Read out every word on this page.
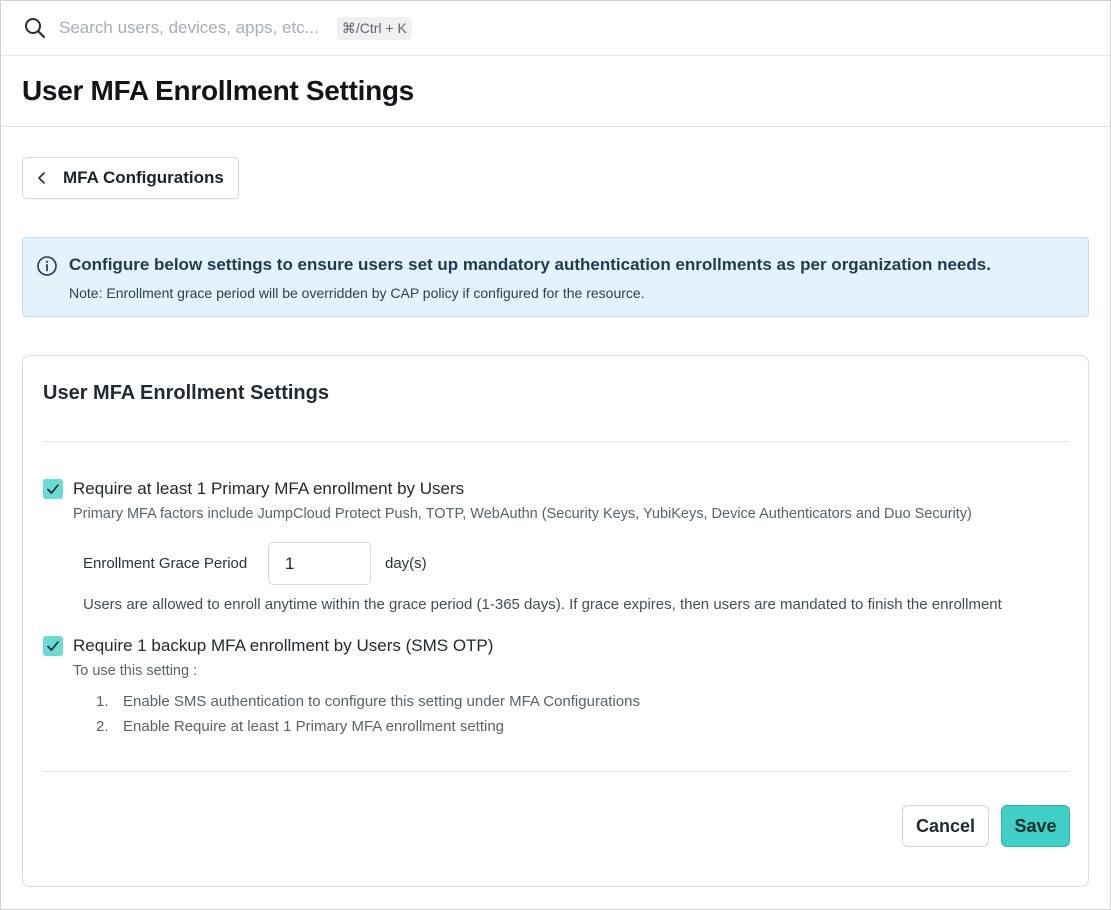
Search users, devices, apps, etc...	⌘/Ctrl + K
User MFA Enrollment Settings
MFA Configurations
Configure below settings to ensure users set up mandatory authentication enrollments as per organization needs.
Note: Enrollment grace period will be overridden by CAP policy if configured for the resource.
User MFA Enrollment Settings
Require at least 1 Primary MFA enrollment by Users
Primary MFA factors include JumpCloud Protect Push, TOTP, WebAuthn (Security Keys, YubiKeys, Device Authenticators and Duo Security)
Enrollment Grace Period
1	day(s)
Users are allowed to enroll anytime within the grace period (1-365 days). If grace expires, then users are mandated to finish the enrollment
Require 1 backup MFA enrollment by Users (SMS OTP)
To use this setting :
1. Enable SMS authentication to configure this setting under MFA Configurations
2. Enable Require at least 1 Primary MFA enrollment setting
Cancel	Save
